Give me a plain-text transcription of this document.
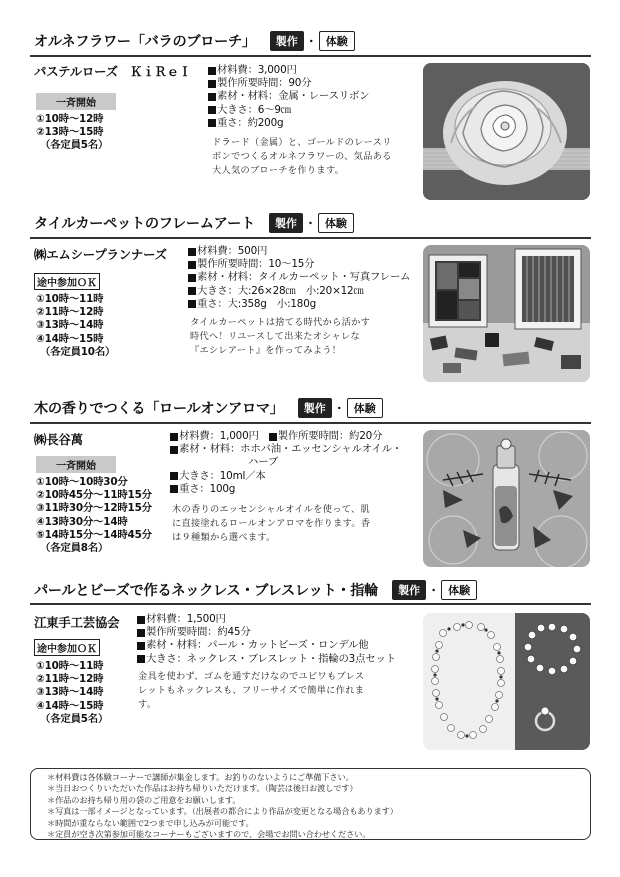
オルネフラワー「バラのブローチ」	製作 ・ 体験
パステルローズ　ＫｉＲｅＩ
一斉開始
①10時～12時
②13時～15時
（各定員5名）
材料費：3,000円
製作所要時間：90分
素材・材料：金属・レースリボン
大きさ：6～9㎝
重さ：約200g
ドラード（金属）と、ゴールドのレースリ
ボンでつくるオルネフラワーの、気品ある
大人気のブローチを作ります。
タイルカーペットのフレームアート	製作 ・ 体験
㈱エムシープランナーズ
途中参加ＯＫ
①10時～11時
②11時～12時
③13時～14時
④14時～15時
（各定員10名）
材料費：500円
製作所要時間：10～15分
素材・材料：タイルカーペット・写真フレーム
大きさ：大:26×28㎝　小:20×12㎝
重さ：大:358g　小:180g
タイルカーペットは捨てる時代から活かす
時代へ！リユースして出来たオシャレな
『エシレアート』を作ってみよう！
木の香りでつくる「ロールオンアロマ」	製作 ・ 体験
㈱長谷萬
一斉開始
①10時～10時30分
②10時45分～11時15分
③11時30分～12時15分
④13時30分～14時
⑤14時15分～14時45分
（各定員8名）
材料費：1,000円 製作所要時間：約20分
素材・材料：ホホバ油・エッセンシャルオイル・
ハーブ
大きさ：10ml／本
重さ：100g
木の香りのエッセンシャルオイルを使って、肌
に直接塗れるロールオンアロマを作ります。香
は９種類から選べます。
パールとビーズで作るネックレス・ブレスレット・指輪	製作 ・ 体験
江東手工芸協会
途中参加ＯＫ
①10時～11時
②11時～12時
③13時～14時
④14時～15時
（各定員5名）
材料費：1,500円
製作所要時間：約45分
素材・材料：パール・カットビーズ・ロンデル他
大きさ：ネックレス・ブレスレット・指輪の3点セット
金具を使わず、ゴムを通すだけなのでユビワもブレス
レットもネックレスも、フリーサイズで簡単に作れま
す。
＊材料費は各体験コーナーで講師が集金します。お釣りのないようにご準備下さい。
＊当日おつくりいただいた作品はお持ち帰りいただけます。（陶芸は後日お渡しです）
＊作品のお持ち帰り用の袋のご用意をお願いします。
＊写真は一部イメージとなっています。（出展者の都合により作品が変更となる場合もあります）
＊時間が重ならない範囲で2つまで申し込みが可能です。
＊定員が空き次第参加可能なコーナーもございますので、会場でお問い合わせください。
